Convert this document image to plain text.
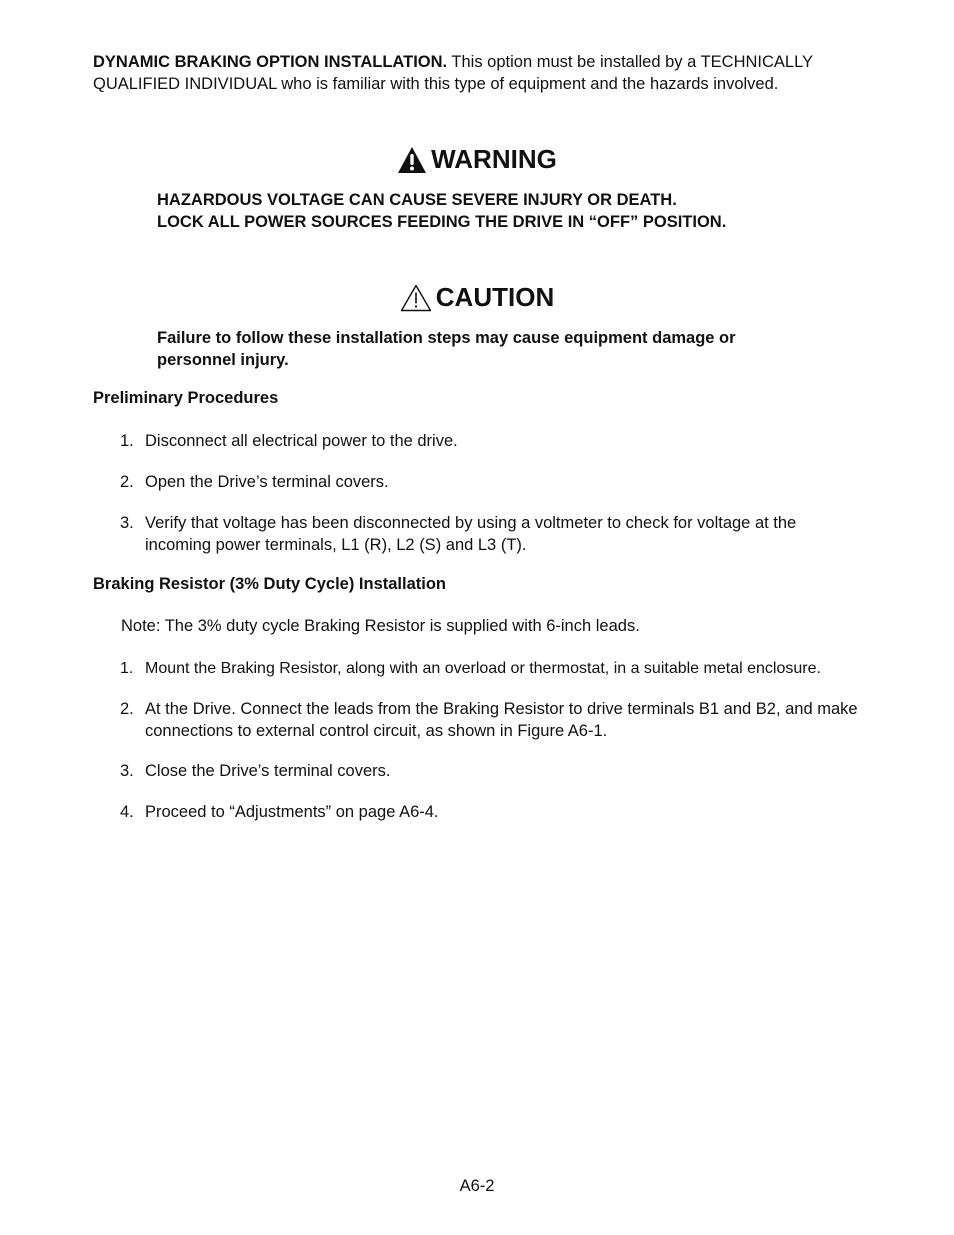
DYNAMIC BRAKING OPTION INSTALLATION. This option must be installed by a TECHNICALLY QUALIFIED INDIVIDUAL who is familiar with this type of equipment and the hazards involved.
WARNING
HAZARDOUS VOLTAGE CAN CAUSE SEVERE INJURY OR DEATH.
LOCK ALL POWER SOURCES FEEDING THE DRIVE IN “OFF” POSITION.
CAUTION
Failure to follow these installation steps may cause equipment damage or personnel injury.
Preliminary Procedures
1. Disconnect all electrical power to the drive.
2. Open the Drive’s terminal covers.
3. Verify that voltage has been disconnected by using a voltmeter to check for voltage at the incoming power terminals, L1 (R), L2 (S) and L3 (T).
Braking Resistor (3% Duty Cycle) Installation
Note: The 3% duty cycle Braking Resistor is supplied with 6-inch leads.
1. Mount the Braking Resistor, along with an overload or thermostat, in a suitable metal enclosure.
2. At the Drive. Connect the leads from the Braking Resistor to drive terminals B1 and B2, and make connections to external control circuit, as shown in Figure A6-1.
3. Close the Drive’s terminal covers.
4. Proceed to “Adjustments” on page A6-4.
A6-2
